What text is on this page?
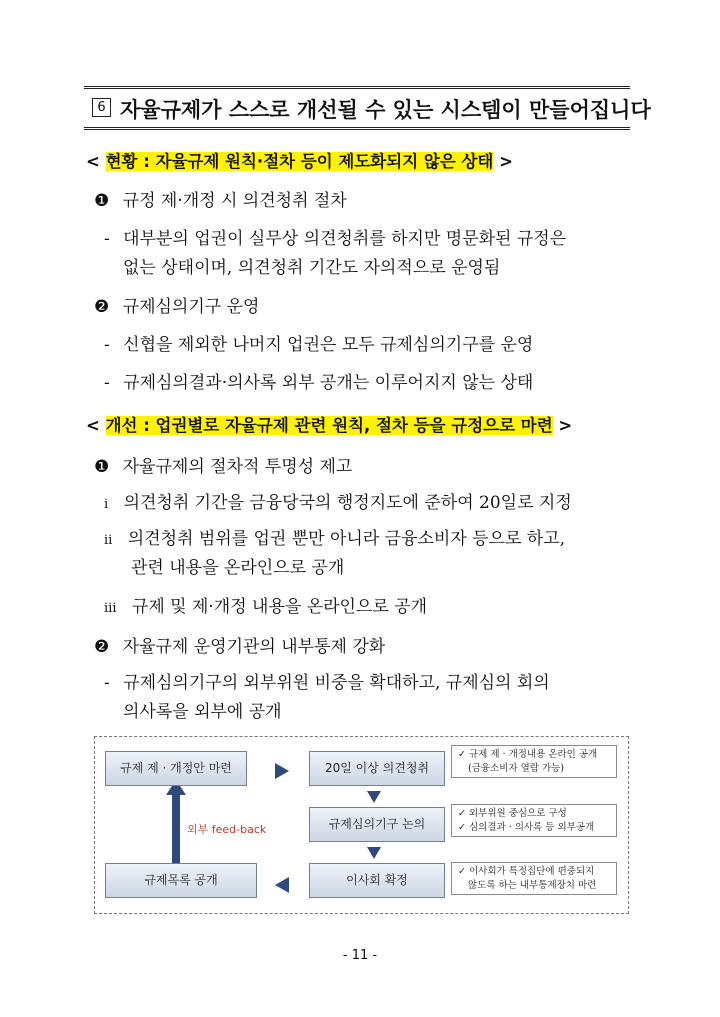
6 자율규제가 스스로 개선될 수 있는 시스템이 만들어집니다
< 현황 : 자율규제 원칙·절차 등이 제도화되지 않은 상태 >
❶ 규정 제·개정 시 의견청취 절차
- 대부분의 업권이 실무상 의견청취를 하지만 명문화된 규정은
없는 상태이며, 의견청취 기간도 자의적으로 운영됨
❷ 규제심의기구 운영
- 신협을 제외한 나머지 업권은 모두 규제심의기구를 운영
- 규제심의결과·의사록 외부 공개는 이루어지지 않는 상태
< 개선 : 업권별로 자율규제 관련 원칙, 절차 등을 규정으로 마련 >
❶ 자율규제의 절차적 투명성 제고
ⅰ 의견청취 기간을 금융당국의 행정지도에 준하여 20일로 지정
ⅱ 의견청취 범위를 업권 뿐만 아니라 금융소비자 등으로 하고,
관련 내용을 온라인으로 공개
ⅲ 규제 및 제·개정 내용을 온라인으로 공개
❷ 자율규제 운영기관의 내부통제 강화
- 규제심의기구의 외부위원 비중을 확대하고, 규제심의 회의
의사록을 외부에 공개
규제 제 · 개정안 마련	20일 이상 의견청취
규제심의기구 논의
이사회 확정
규제목록 공개
외부 feed-back
✓ 규제 제 · 개정내용 온라인 공개
(금융소비자 열람 가능)
✓ 외부위원 중심으로 구성
✓ 심의결과 · 의사록 등 외부공개
✓ 이사회가 특정집단에 편중되지
않도록 하는 내부통제장치 마련
- 11 -
